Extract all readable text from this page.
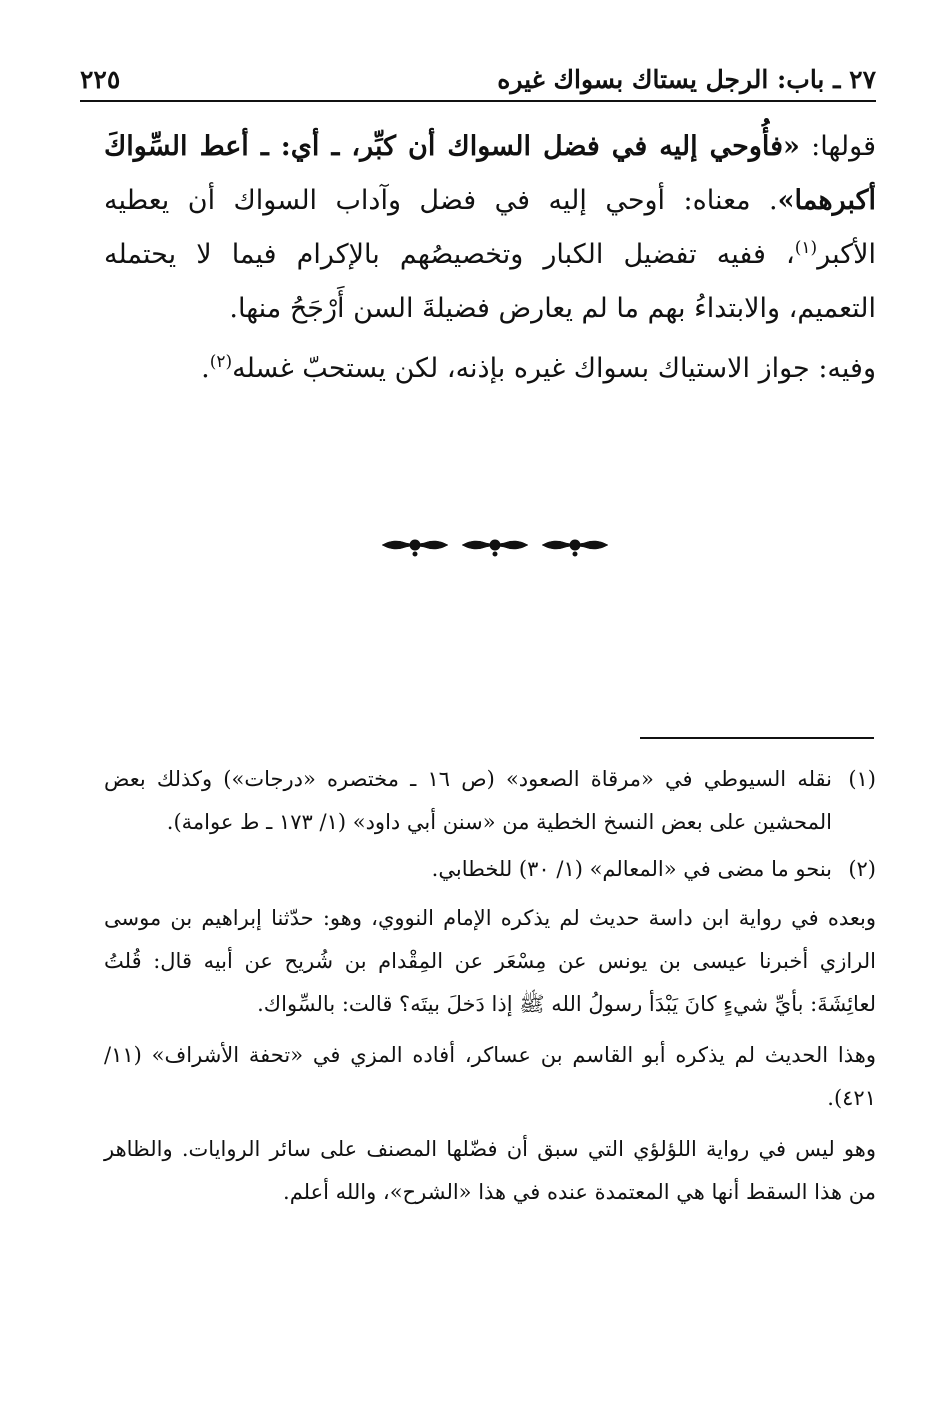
٢٧ ـ باب: الرجل يستاك بسواك غيره
٢٢٥

قولها: «فأُوحي إليه في فضل السواك أن كبِّر، ـ أي: ـ أعط السِّواكَ أكبرهما». معناه: أوحي إليه في فضل وآداب السواك أن يعطيه الأكبر$^{(١)}$، ففيه تفضيل الكبار وتخصيصُهم بالإكرام فيما لا يحتمله التعميم، والابتداءُ بهم ما لم يعارض فضيلةَ السن أَرْجَحُ منها.

وفيه: جواز الاستياك بسواك غيره بإذنه، لكن يستحبّ غسله$^{(٢)}$.

(١)
نقله السيوطي في «مرقاة الصعود» (ص ١٦ ـ مختصره «درجات») وكذلك بعض المحشين على بعض النسخ الخطية من «سنن أبي داود» (١/ ١٧٣ ـ ط عوامة).
(٢)
بنحو ما مضى في «المعالم» (١/ ٣٠) للخطابي.

وبعده في رواية ابن داسة حديث لم يذكره الإمام النووي، وهو: حدّثنا إبراهيم بن موسى الرازي أخبرنا عيسى بن يونس عن مِسْعَر عن المِقْدام بن شُريح عن أبيه قال: قُلتُ لعائِشَةَ: بأيِّ شيءٍ كانَ يَبْدَأ رسولُ الله ﷺ إذا دَخلَ بيتَه؟ قالت: بالسِّواك.

وهذا الحديث لم يذكره أبو القاسم بن عساكر، أفاده المزي في «تحفة الأشراف» (١١/ ٤٢١).

وهو ليس في رواية اللؤلؤي التي سبق أن فضّلها المصنف على سائر الروايات. والظاهر من هذا السقط أنها هي المعتمدة عنده في هذا «الشرح»، والله أعلم.
